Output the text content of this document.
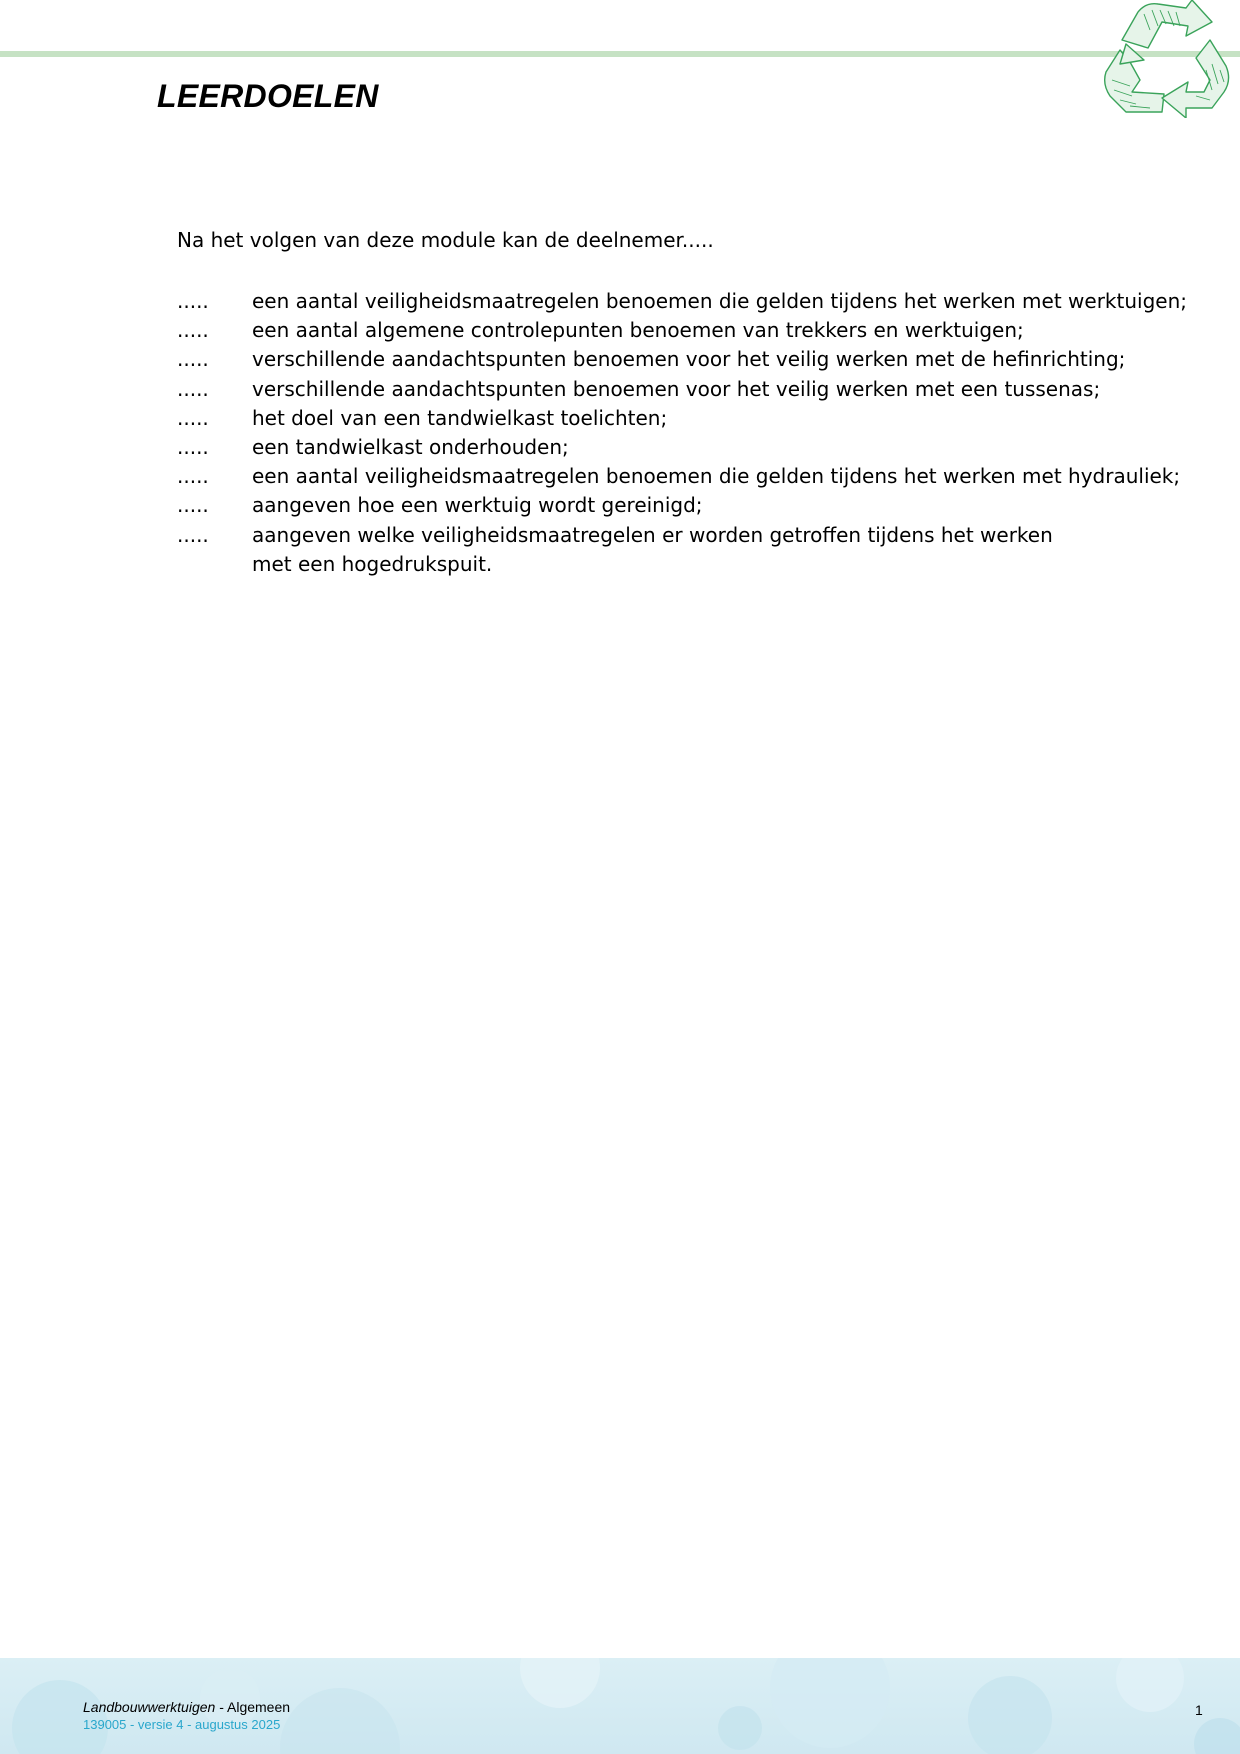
LEERDOELEN

Na het volgen van deze module kan de deelnemer.....

..... een aantal veiligheidsmaatregelen benoemen die gelden tijdens het werken met werktuigen;
..... een aantal algemene controlepunten benoemen van trekkers en werktuigen;
..... verschillende aandachtspunten benoemen voor het veilig werken met de hefinrichting;
..... verschillende aandachtspunten benoemen voor het veilig werken met een tussenas;
..... het doel van een tandwielkast toelichten;
..... een tandwielkast onderhouden;
..... een aantal veiligheidsmaatregelen benoemen die gelden tijdens het werken met hydrauliek;
..... aangeven hoe een werktuig wordt gereinigd;
..... aangeven welke veiligheidsmaatregelen er worden getroffen tijdens het werken
met een hogedrukspuit.
Landbouwwerktuigen - Algemeen
139005 - versie 4 - augustus 2025
1
